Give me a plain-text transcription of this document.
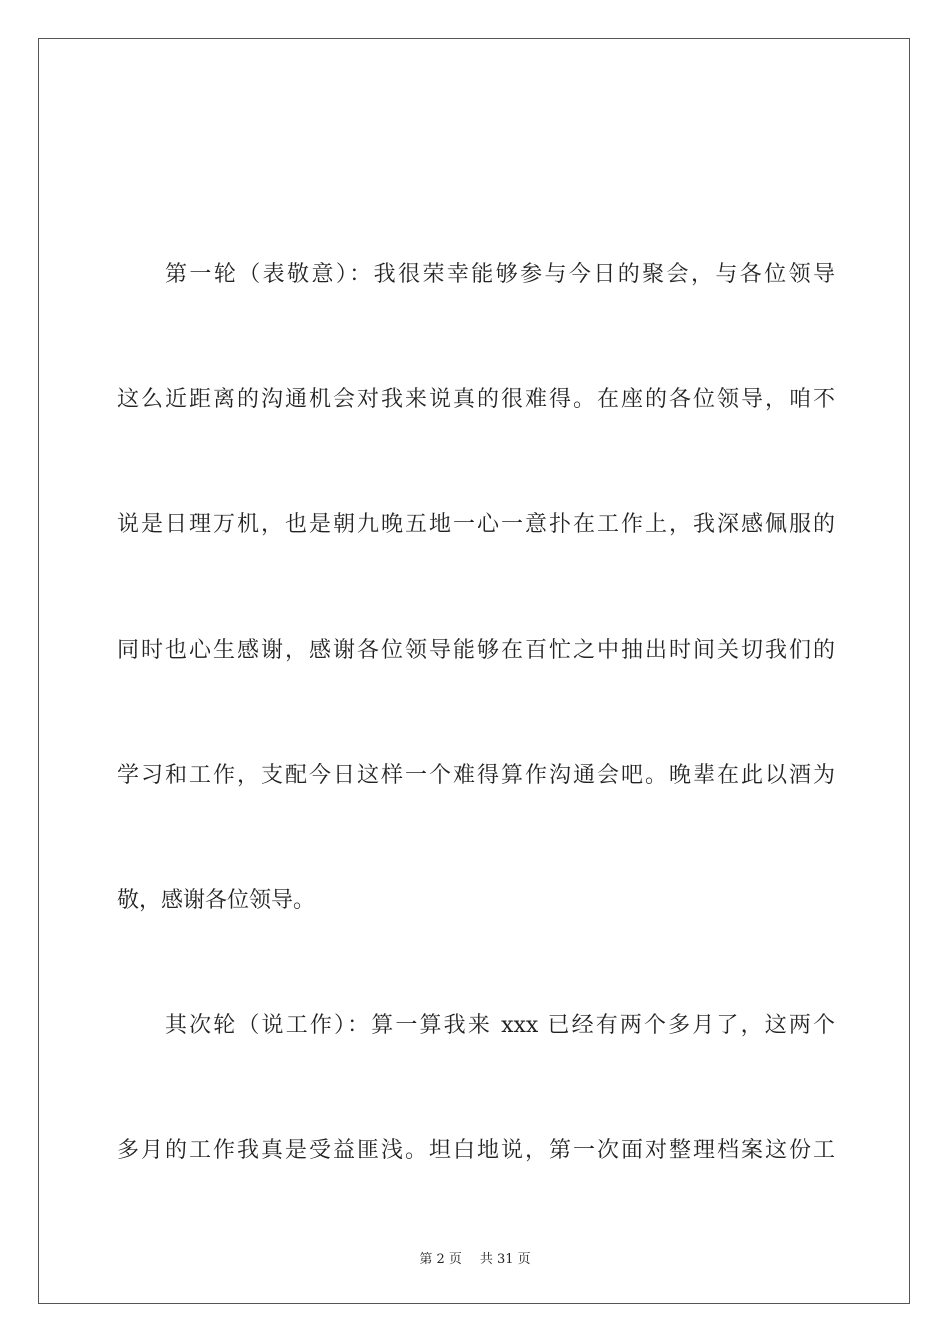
第一轮（表敬意）：我很荣幸能够参与今日的聚会，与各位领导
这么近距离的沟通机会对我来说真的很难得。在座的各位领导，咱不
说是日理万机，也是朝九晚五地一心一意扑在工作上，我深感佩服的
同时也心生感谢，感谢各位领导能够在百忙之中抽出时间关切我们的
学习和工作，支配今日这样一个难得算作沟通会吧。晚辈在此以酒为
敬，感谢各位领导。
其次轮（说工作）：算一算我来 xxx 已经有两个多月了，这两个
多月的工作我真是受益匪浅。坦白地说，第一次面对整理档案这份工
第 2 页 共 31 页
